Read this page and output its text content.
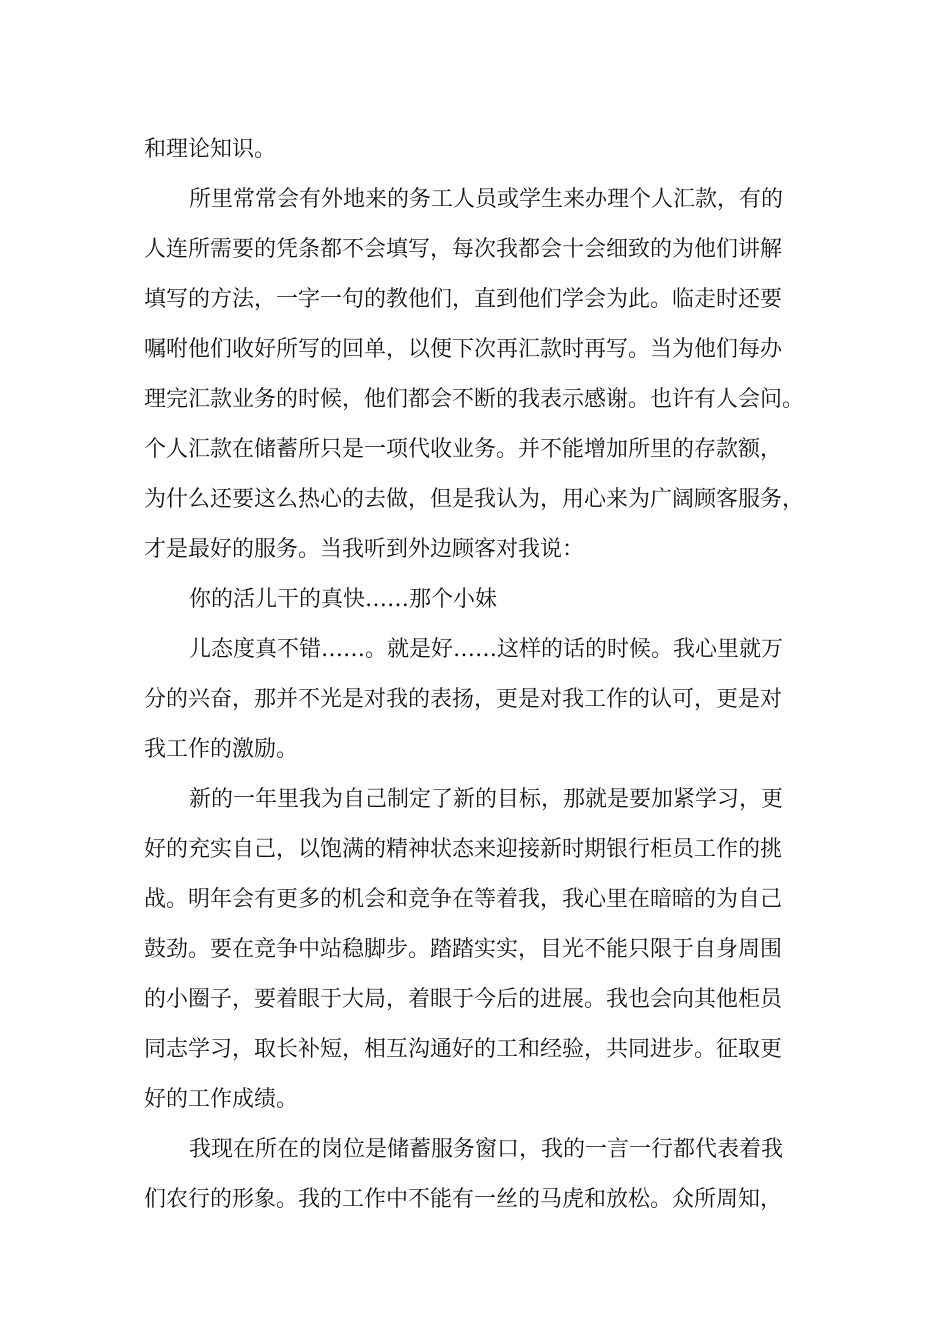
和理论知识。
所里常常会有外地来的务工人员或学生来办理个人汇款，有的
人连所需要的凭条都不会填写，每次我都会十会细致的为他们讲解
填写的方法，一字一句的教他们，直到他们学会为此。临走时还要
嘱咐他们收好所写的回单，以便下次再汇款时再写。当为他们每办
理完汇款业务的时候，他们都会不断的我表示感谢。也许有人会问。
个人汇款在储蓄所只是一项代收业务。并不能增加所里的存款额，
为什么还要这么热心的去做，但是我认为，用心来为广阔顾客服务，
才是最好的服务。当我听到外边顾客对我说：
你的活儿干的真快……那个小妹
儿态度真不错……。就是好……这样的话的时候。我心里就万
分的兴奋，那并不光是对我的表扬，更是对我工作的认可，更是对
我工作的激励。
新的一年里我为自己制定了新的目标，那就是要加紧学习，更
好的充实自己，以饱满的精神状态来迎接新时期银行柜员工作的挑
战。明年会有更多的机会和竞争在等着我，我心里在暗暗的为自己
鼓劲。要在竞争中站稳脚步。踏踏实实，目光不能只限于自身周围
的小圈子，要着眼于大局，着眼于今后的进展。我也会向其他柜员
同志学习，取长补短，相互沟通好的工和经验，共同进步。征取更
好的工作成绩。
我现在所在的岗位是储蓄服务窗口，我的一言一行都代表着我
们农行的形象。我的工作中不能有一丝的马虎和放松。众所周知，
